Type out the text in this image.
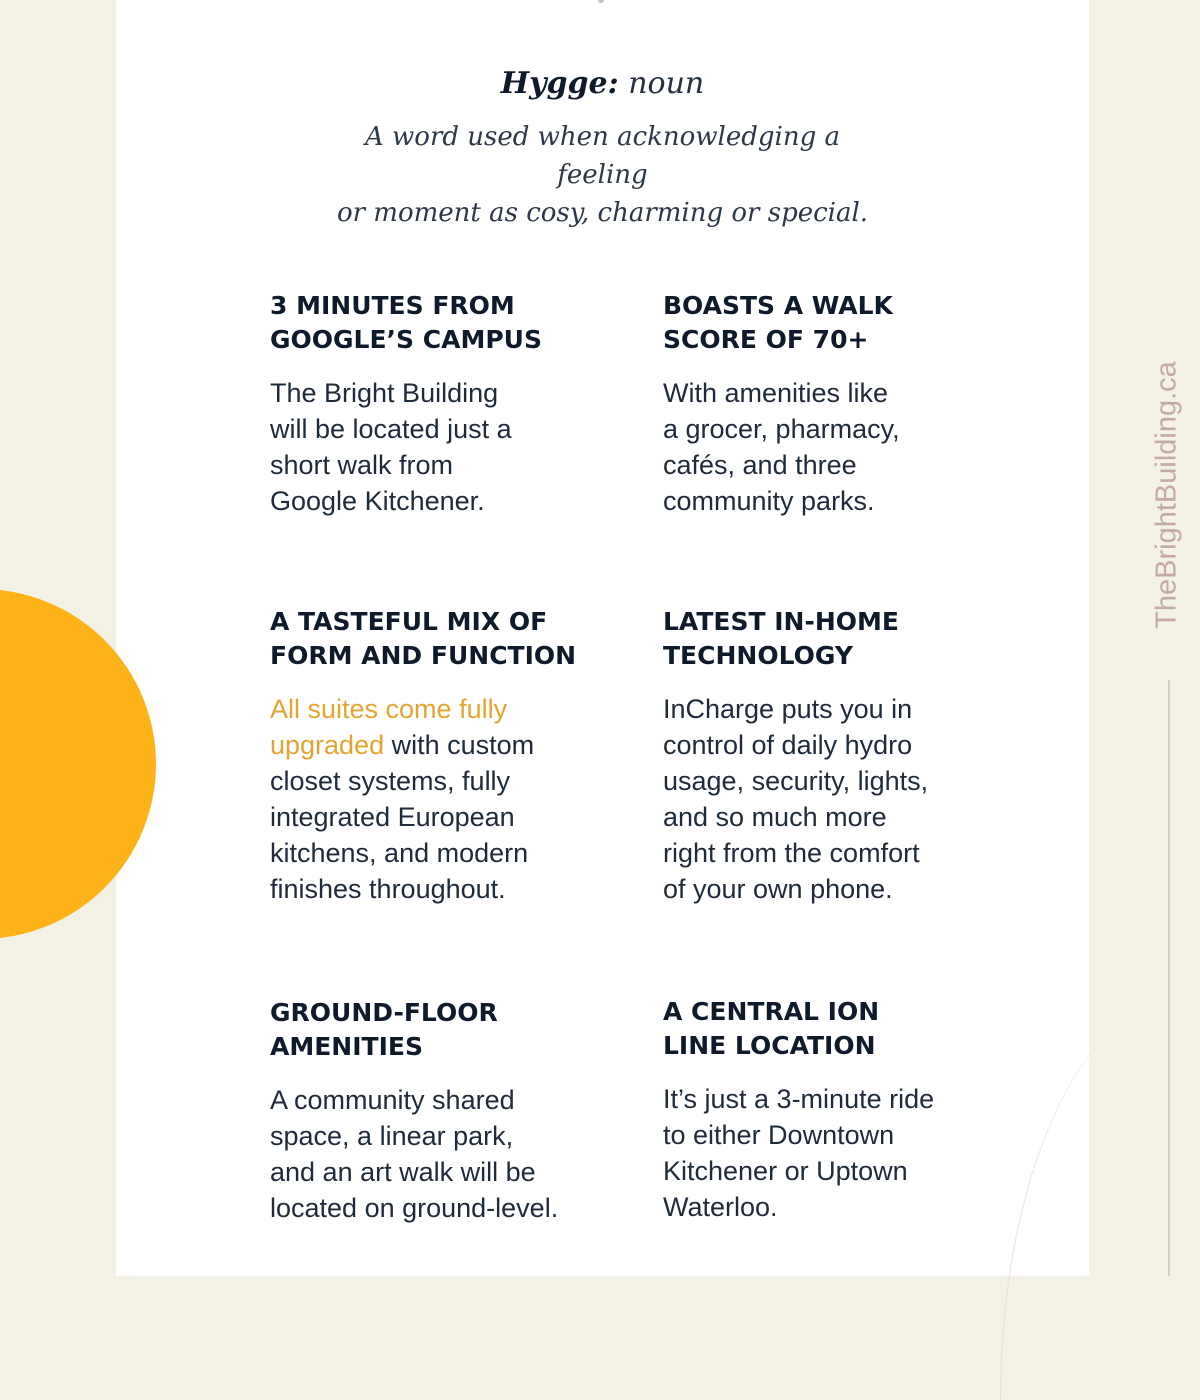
Hygge: noun
A word used when acknowledging a feeling
or moment as cosy, charming or special.
3 MINUTES FROM
GOOGLE’S CAMPUS

The Bright Building
will be located just a
short walk from
Google Kitchener.

BOASTS A WALK
SCORE OF 70+

With amenities like
a grocer, pharmacy,
cafés, and three
community parks.

A TASTEFUL MIX OF
FORM AND FUNCTION

All suites come fully
upgraded with custom
closet systems, fully
integrated European
kitchens, and modern
finishes throughout.

LATEST IN-HOME
TECHNOLOGY

InCharge puts you in
control of daily hydro
usage, security, lights,
and so much more
right from the comfort
of your own phone.

GROUND-FLOOR
AMENITIES

A community shared
space, a linear park,
and an art walk will be
located on ground-level.

A CENTRAL ION
LINE LOCATION

It’s just a 3-minute ride
to either Downtown
Kitchener or Uptown
Waterloo.

TheBrightBuilding.ca
